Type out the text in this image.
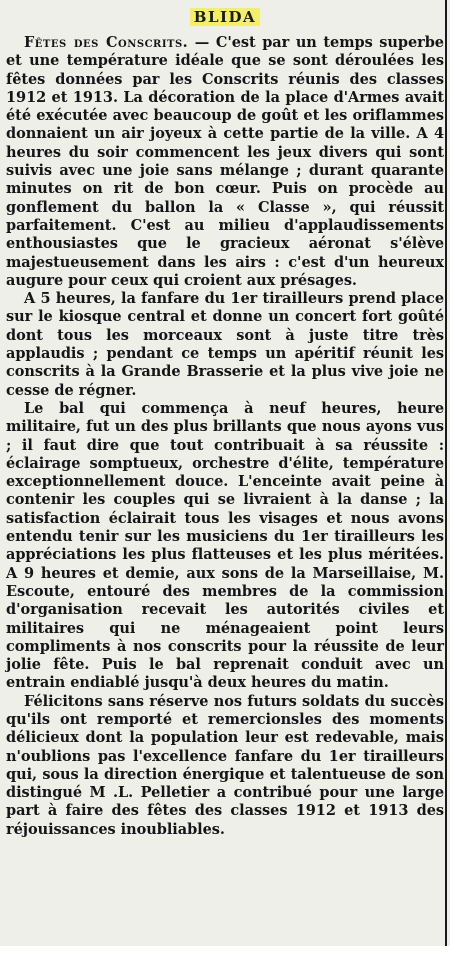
BLIDA

Fêtes des Conscrits. — C'est par un temps superbe et une température idéale que se sont déroulées les fêtes données par les Conscrits réunis des classes 1912 et 1913. La décoration de la place d'Armes avait été exécutée avec beaucoup de goût et les oriflammes donnaient un air joyeux à cette partie de la ville. A 4 heures du soir commencent les jeux divers qui sont suivis avec une joie sans mélange ; durant quarante minutes on rit de bon cœur. Puis on procède au gonflement du ballon la « Classe », qui réussit parfaitement. C'est au milieu d'applaudissements enthousiastes que le gracieux aéronat s'élève majestueusement dans les airs : c'est d'un heureux augure pour ceux qui croient aux présages.

A 5 heures, la fanfare du 1er tirailleurs prend place sur le kiosque central et donne un concert fort goûté dont tous les morceaux sont à juste titre très applaudis ; pendant ce temps un apéritif réunit les conscrits à la Grande Brasserie et la plus vive joie ne cesse de régner.

Le bal qui commença à neuf heures, heure militaire, fut un des plus brillants que nous ayons vus ; il faut dire que tout contribuait à sa réussite : éclairage somptueux, orchestre d'élite, température exceptionnellement douce. L'enceinte avait peine à contenir les couples qui se livraient à la danse ; la satisfaction éclairait tous les visages et nous avons entendu tenir sur les musiciens du 1er tirailleurs les appréciations les plus flatteuses et les plus méritées. A 9 heures et demie, aux sons de la Marseillaise, M. Escoute, entouré des membres de la commission d'organisation recevait les autorités civiles et militaires qui ne ménageaient point leurs compliments à nos conscrits pour la réussite de leur jolie fête. Puis le bal reprenait conduit avec un entrain endiablé jusqu'à deux heures du matin.

Félicitons sans réserve nos futurs soldats du succès qu'ils ont remporté et remercionsles des moments délicieux dont la population leur est redevable, mais n'oublions pas l'excellence fanfare du 1er tirailleurs qui, sous la direction énergique et talentueuse de son distingué M .L. Pelletier a contribué pour une large part à faire des fêtes des classes 1912 et 1913 des réjouissances inoubliables.
